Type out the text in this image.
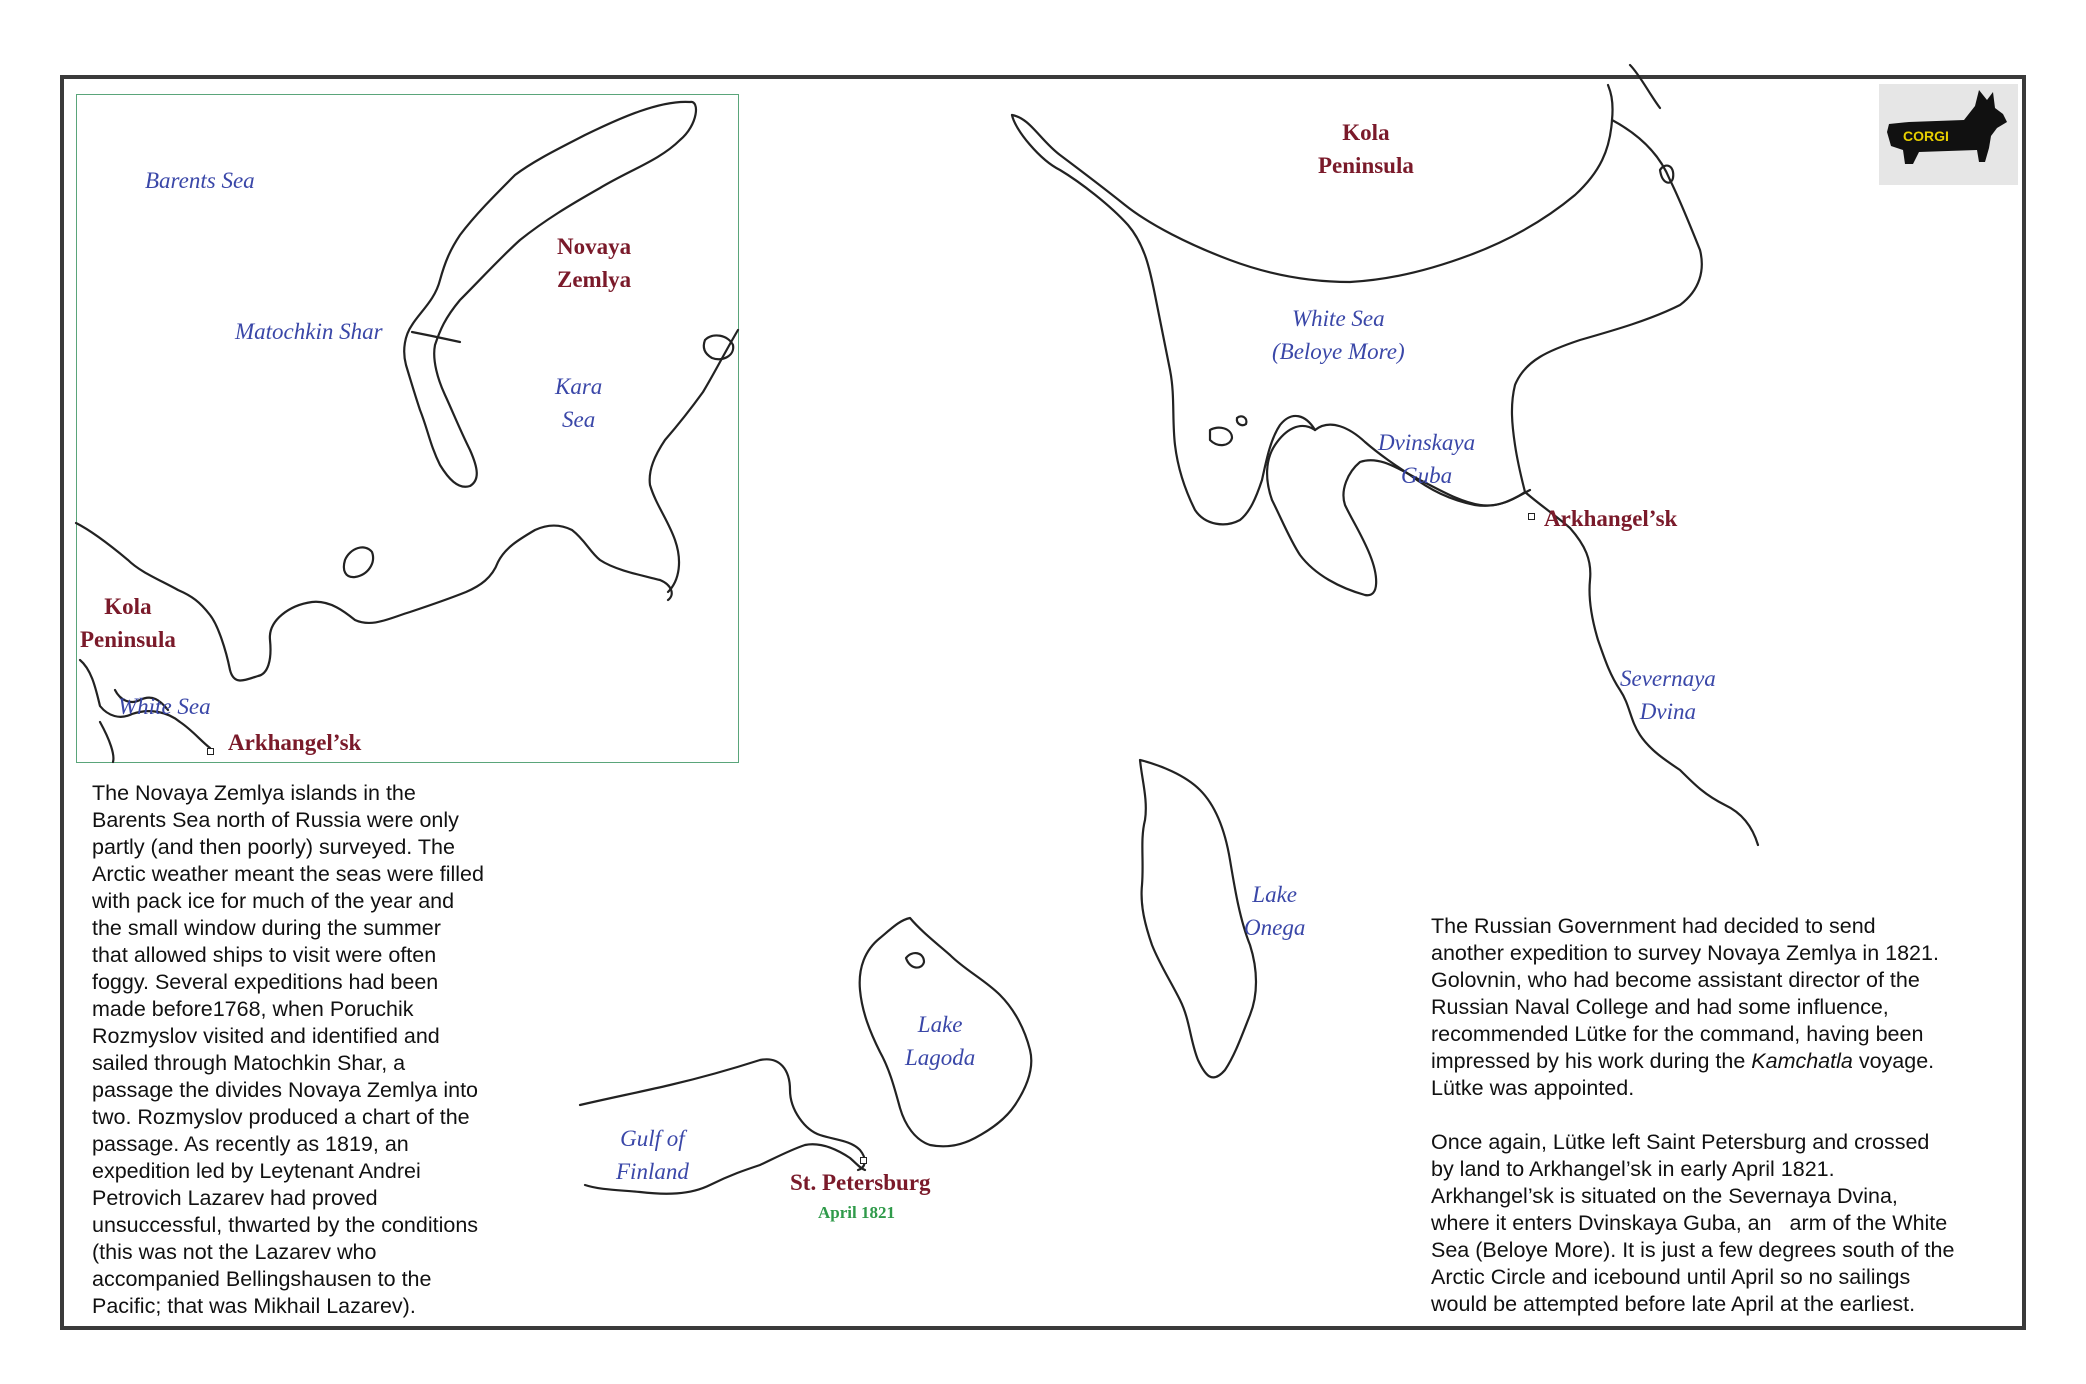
Barents Sea
Novaya
Zemlya
Matochkin Shar
Kara
Sea
Kola
Peninsula
White Sea
Arkhangel’sk
Kola
Peninsula
White Sea
(Beloye More)
Dvinskaya
Guba
Arkhangel’sk
Severnaya
Dvina
Lake
Onega
Lake
Lagoda
Gulf of
Finland	St. Petersburg
April 1821
CORGI
The Novaya Zemlya islands in the
Barents Sea north of Russia were only
partly (and then poorly) surveyed. The
Arctic weather meant the seas were filled
with pack ice for much of the year and
the small window during the summer
that allowed ships to visit were often
foggy. Several expeditions had been
made before1768, when Poruchik
Rozmyslov visited and identified and
sailed through Matochkin Shar, a
passage the divides Novaya Zemlya into
two. Rozmyslov produced a chart of the
passage. As recently as 1819, an
expedition led by Leytenant Andrei
Petrovich Lazarev had proved
unsuccessful, thwarted by the conditions
(this was not the Lazarev who
accompanied Bellingshausen to the
Pacific; that was Mikhail Lazarev).
The Russian Government had decided to send
another expedition to survey Novaya Zemlya in 1821.
Golovnin, who had become assistant director of the
Russian Naval College and had some influence,
recommended Lütke for the command, having been
impressed by his work during the Kamchatla voyage.
Lütke was appointed.
Once again, Lütke left Saint Petersburg and crossed
by land to Arkhangel’sk in early April 1821.
Arkhangel’sk is situated on the Severnaya Dvina,
where it enters Dvinskaya Guba, an   arm of the White
Sea (Beloye More). It is just a few degrees south of the
Arctic Circle and icebound until April so no sailings
would be attempted before late April at the earliest.
